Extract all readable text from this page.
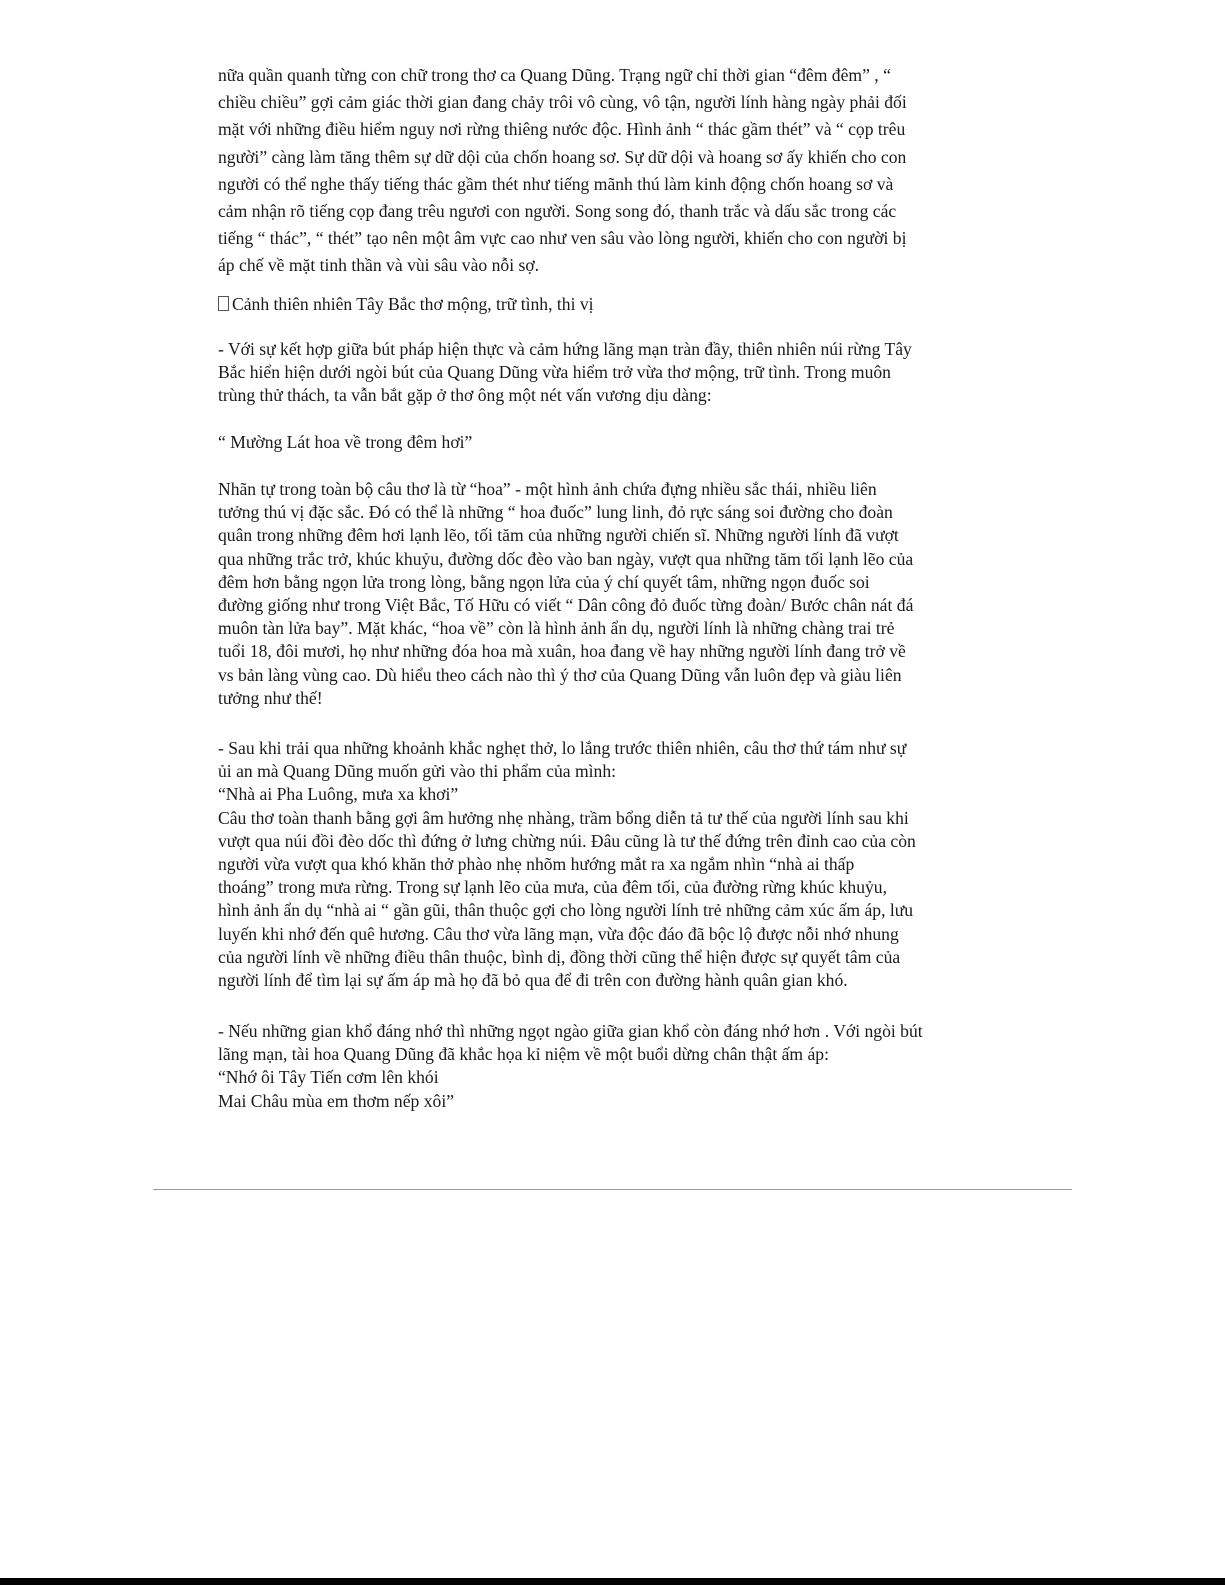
nữa quần quanh từng con chữ trong thơ ca Quang Dũng. Trạng ngữ chỉ thời gian “đêm đêm” , “
chiều chiều” gợi cảm giác thời gian đang chảy trôi vô cùng, vô tận, người lính hàng ngày phải đối
mặt với những điều hiểm nguy nơi rừng thiêng nước độc. Hình ảnh “ thác gầm thét” và “ cọp trêu
người” càng làm tăng thêm sự dữ dội của chốn hoang sơ. Sự dữ dội và hoang sơ ấy khiến cho con
người có thể nghe thấy tiếng thác gầm thét như tiếng mãnh thú làm kinh động chốn hoang sơ và
cảm nhận rõ tiếng cọp đang trêu ngươi con người. Song song đó, thanh trắc và dấu sắc trong các
tiếng “ thác”, “ thét” tạo nên một âm vực cao như ven sâu vào lòng người, khiến cho con người bị
áp chế về mặt tinh thần và vùi sâu vào nỗi sợ.
Cảnh thiên nhiên Tây Bắc thơ mộng, trữ tình, thi vị
- Với sự kết hợp giữa bút pháp hiện thực và cảm hứng lãng mạn tràn đầy, thiên nhiên núi rừng Tây
Bắc hiển hiện dưới ngòi bút của Quang Dũng vừa hiểm trở vừa thơ mộng, trữ tình. Trong muôn
trùng thử thách, ta vẫn bắt gặp ở thơ ông một nét vấn vương dịu dàng:
“ Mường Lát hoa về trong đêm hơi”
Nhãn tự trong toàn bộ câu thơ là từ “hoa” - một hình ảnh chứa đựng nhiều sắc thái, nhiều liên
tưởng thú vị đặc sắc. Đó có thể là những “ hoa đuốc” lung linh, đỏ rực sáng soi đường cho đoàn
quân trong những đêm hơi lạnh lẽo, tối tăm của những người chiến sĩ. Những người lính đã vượt
qua những trắc trở, khúc khuỷu, đường dốc đèo vào ban ngày, vượt qua những tăm tối lạnh lẽo của
đêm hơn bằng ngọn lửa trong lòng, bằng ngọn lửa của ý chí quyết tâm, những ngọn đuốc soi
đường giống như trong Việt Bắc, Tố Hữu có viết “ Dân công đỏ đuốc từng đoàn/ Bước chân nát đá
muôn tàn lửa bay”. Mặt khác, “hoa về” còn là hình ảnh ẩn dụ, người lính là những chàng trai trẻ
tuổi 18, đôi mươi, họ như những đóa hoa mà xuân, hoa đang về hay những người lính đang trở về
vs bản làng vùng cao. Dù hiểu theo cách nào thì ý thơ của Quang Dũng vẫn luôn đẹp và giàu liên
tưởng như thế!
- Sau khi trải qua những khoảnh khắc nghẹt thở, lo lắng trước thiên nhiên, câu thơ thứ tám như sự
ủi an mà Quang Dũng muốn gửi vào thi phẩm của mình:
“Nhà ai Pha Luông, mưa xa khơi”
Câu thơ toàn thanh bằng gợi âm hưởng nhẹ nhàng, trầm bổng diễn tả tư thế của người lính sau khi
vượt qua núi đồi đèo dốc thì đứng ở lưng chừng núi. Đâu cũng là tư thế đứng trên đỉnh cao của còn
người vừa vượt qua khó khăn thở phào nhẹ nhõm hướng mắt ra xa ngắm nhìn “nhà ai thấp
thoáng” trong mưa rừng. Trong sự lạnh lẽo của mưa, của đêm tối, của đường rừng khúc khuỷu,
hình ảnh ẩn dụ “nhà ai “ gần gũi, thân thuộc gợi cho lòng người lính trẻ những cảm xúc ấm áp, lưu
luyến khi nhớ đến quê hương. Câu thơ vừa lãng mạn, vừa độc đáo đã bộc lộ được nỗi nhớ nhung
của người lính về những điều thân thuộc, bình dị, đồng thời cũng thể hiện được sự quyết tâm của
người lính để tìm lại sự ấm áp mà họ đã bỏ qua để đi trên con đường hành quân gian khó.
- Nếu những gian khổ đáng nhớ thì những ngọt ngào giữa gian khổ còn đáng nhớ hơn . Với ngòi bút
lãng mạn, tài hoa Quang Dũng đã khắc họa kỉ niệm về một buổi dừng chân thật ấm áp:
“Nhớ ôi Tây Tiến cơm lên khói
Mai Châu mùa em thơm nếp xôi”
